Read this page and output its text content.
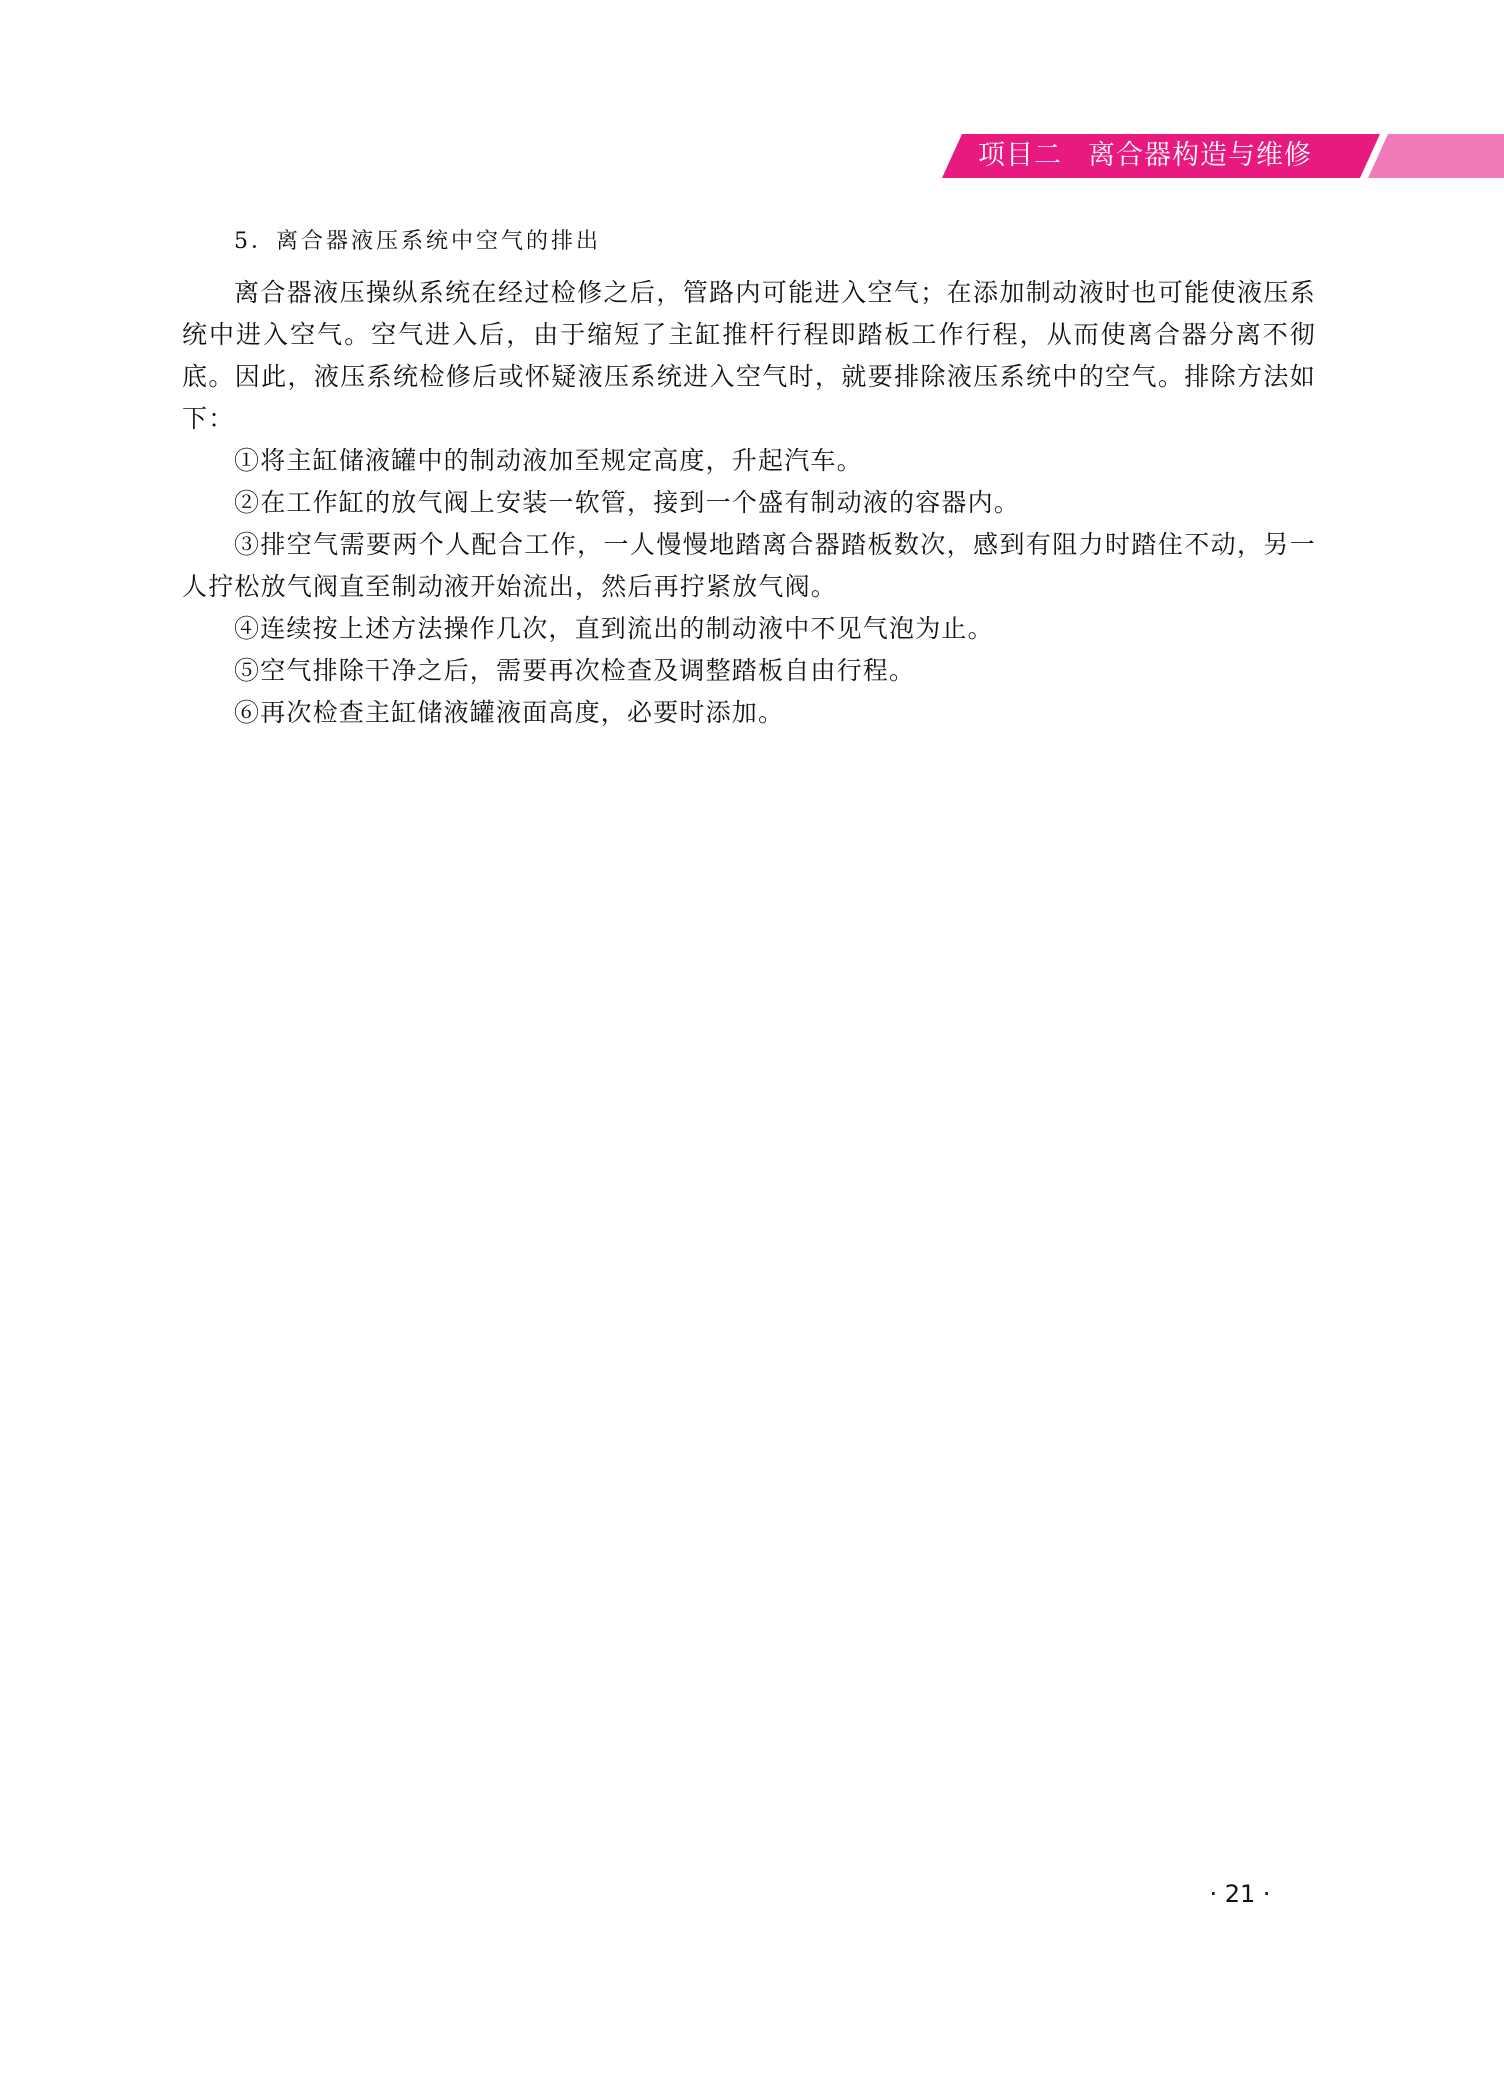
项目二 离合器构造与维修
5．离合器液压系统中空气的排出

离合器液压操纵系统在经过检修之后，管路内可能进入空气；在添加制动液时也可能使液压系统中进入空气。空气进入后，由于缩短了主缸推杆行程即踏板工作行程，从而使离合器分离不彻底。因此，液压系统检修后或怀疑液压系统进入空气时，就要排除液压系统中的空气。排除方法如下：

①将主缸储液罐中的制动液加至规定高度，升起汽车。

②在工作缸的放气阀上安装一软管，接到一个盛有制动液的容器内。

③排空气需要两个人配合工作，一人慢慢地踏离合器踏板数次，感到有阻力时踏住不动，另一人拧松放气阀直至制动液开始流出，然后再拧紧放气阀。

④连续按上述方法操作几次，直到流出的制动液中不见气泡为止。

⑤空气排除干净之后，需要再次检查及调整踏板自由行程。

⑥再次检查主缸储液罐液面高度，必要时添加。

· 21 ·
